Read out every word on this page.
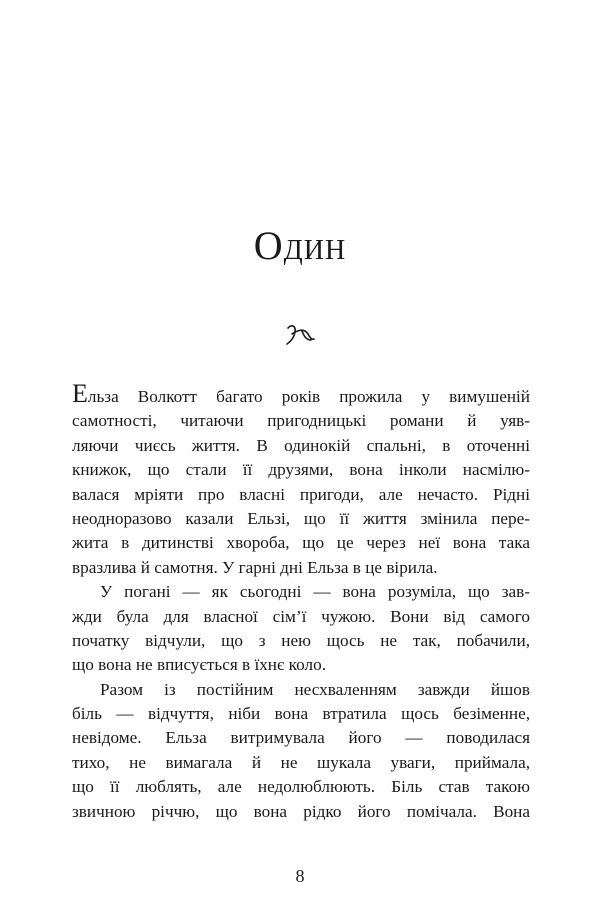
Один
Ельза Волкотт багато років прожила у вимушеній
самотності, читаючи пригодницькі романи й уяв-
ляючи чиєсь життя. В одинокій спальні, в оточенні
книжок, що стали її друзями, вона інколи насмілю-
валася мріяти про власні пригоди, але нечасто. Рідні
неодноразово казали Ельзі, що її життя змінила пере-
жита в дитинстві хвороба, що це через неї вона така
вразлива й самотня. У гарні дні Ельза в це вірила.
У погані — як сьогодні — вона розуміла, що зав-
жди була для власної сім’ї чужою. Вони від самого
початку відчули, що з нею щось не так, побачили,
що вона не вписується в їхнє коло.
Разом із постійним несхваленням завжди йшов
біль — відчуття, ніби вона втратила щось безіменне,
невідоме. Ельза витримувала його — поводилася
тихо, не вимагала й не шукала уваги, приймала,
що її люблять, але недолюблюють. Біль став такою
звичною річчю, що вона рідко його помічала. Вона
8
